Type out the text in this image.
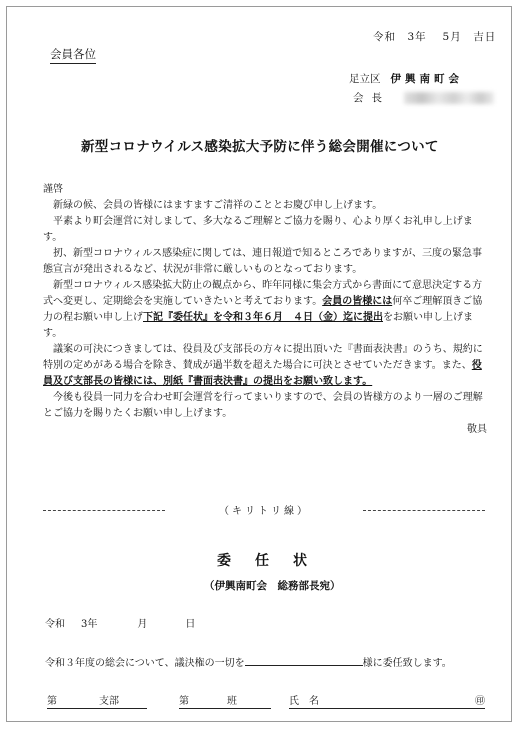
令和　3年　 5月　吉日
会員各位
足立区 伊興南町会
会長
新型コロナウイルス感染拡大予防に伴う総会開催について

謹啓

新緑の候、会員の皆様にはますますご清祥のこととお慶び申し上げます。

平素より町会運営に対しまして、多大なるご理解とご協力を賜り、心より厚くお礼申し上げます。

扨、新型コロナウィルス感染症に関しては、連日報道で知るところでありますが、三度の緊急事態宣言が発出されるなど、状況が非常に厳しいものとなっております。

新型コロナウィルス感染拡大防止の観点から、昨年同様に集会方式から書面にて意思決定する方式へ変更し、定期総会を実施していきたいと考えております。会員の皆様には何卒ご理解頂きご協力の程お願い申し上げ下記『委任状』を令和３年６月　４日（金）迄に提出をお願い申し上げます。

議案の可決につきましては、役員及び支部長の方々に提出頂いた『書面表決書』のうち、規約に特別の定めがある場合を除き、賛成が過半数を超えた場合に可決とさせていただきます。また、役員及び支部長の皆様には、別紙『書面表決書』の提出をお願い致します。

今後も役員一同力を合わせ町会運営を行ってまいりますので、会員の皆様方のより一層のご理解とご協力を賜りたくお願い申し上げます。

敬具

（キリトリ線）
委任状
（伊興南町会　総務部長宛）
令和 3年	月	日
令和３年度の総会について、議決権の一切を	様に委任致します。
第	支部	第	班	氏　名	㊞
